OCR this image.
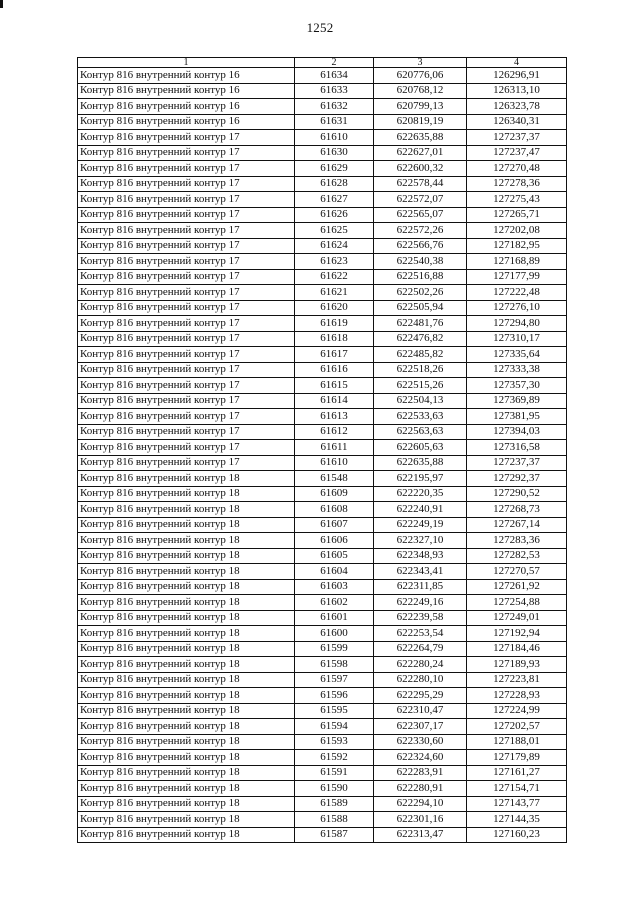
1252
1	2	3	4
Контур 816 внутренний контур 16	61634	620776,06	126296,91
Контур 816 внутренний контур 16	61633	620768,12	126313,10
Контур 816 внутренний контур 16	61632	620799,13	126323,78
Контур 816 внутренний контур 16	61631	620819,19	126340,31
Контур 816 внутренний контур 17	61610	622635,88	127237,37
Контур 816 внутренний контур 17	61630	622627,01	127237,47
Контур 816 внутренний контур 17	61629	622600,32	127270,48
Контур 816 внутренний контур 17	61628	622578,44	127278,36
Контур 816 внутренний контур 17	61627	622572,07	127275,43
Контур 816 внутренний контур 17	61626	622565,07	127265,71
Контур 816 внутренний контур 17	61625	622572,26	127202,08
Контур 816 внутренний контур 17	61624	622566,76	127182,95
Контур 816 внутренний контур 17	61623	622540,38	127168,89
Контур 816 внутренний контур 17	61622	622516,88	127177,99
Контур 816 внутренний контур 17	61621	622502,26	127222,48
Контур 816 внутренний контур 17	61620	622505,94	127276,10
Контур 816 внутренний контур 17	61619	622481,76	127294,80
Контур 816 внутренний контур 17	61618	622476,82	127310,17
Контур 816 внутренний контур 17	61617	622485,82	127335,64
Контур 816 внутренний контур 17	61616	622518,26	127333,38
Контур 816 внутренний контур 17	61615	622515,26	127357,30
Контур 816 внутренний контур 17	61614	622504,13	127369,89
Контур 816 внутренний контур 17	61613	622533,63	127381,95
Контур 816 внутренний контур 17	61612	622563,63	127394,03
Контур 816 внутренний контур 17	61611	622605,63	127316,58
Контур 816 внутренний контур 17	61610	622635,88	127237,37
Контур 816 внутренний контур 18	61548	622195,97	127292,37
Контур 816 внутренний контур 18	61609	622220,35	127290,52
Контур 816 внутренний контур 18	61608	622240,91	127268,73
Контур 816 внутренний контур 18	61607	622249,19	127267,14
Контур 816 внутренний контур 18	61606	622327,10	127283,36
Контур 816 внутренний контур 18	61605	622348,93	127282,53
Контур 816 внутренний контур 18	61604	622343,41	127270,57
Контур 816 внутренний контур 18	61603	622311,85	127261,92
Контур 816 внутренний контур 18	61602	622249,16	127254,88
Контур 816 внутренний контур 18	61601	622239,58	127249,01
Контур 816 внутренний контур 18	61600	622253,54	127192,94
Контур 816 внутренний контур 18	61599	622264,79	127184,46
Контур 816 внутренний контур 18	61598	622280,24	127189,93
Контур 816 внутренний контур 18	61597	622280,10	127223,81
Контур 816 внутренний контур 18	61596	622295,29	127228,93
Контур 816 внутренний контур 18	61595	622310,47	127224,99
Контур 816 внутренний контур 18	61594	622307,17	127202,57
Контур 816 внутренний контур 18	61593	622330,60	127188,01
Контур 816 внутренний контур 18	61592	622324,60	127179,89
Контур 816 внутренний контур 18	61591	622283,91	127161,27
Контур 816 внутренний контур 18	61590	622280,91	127154,71
Контур 816 внутренний контур 18	61589	622294,10	127143,77
Контур 816 внутренний контур 18	61588	622301,16	127144,35
Контур 816 внутренний контур 18	61587	622313,47	127160,23
